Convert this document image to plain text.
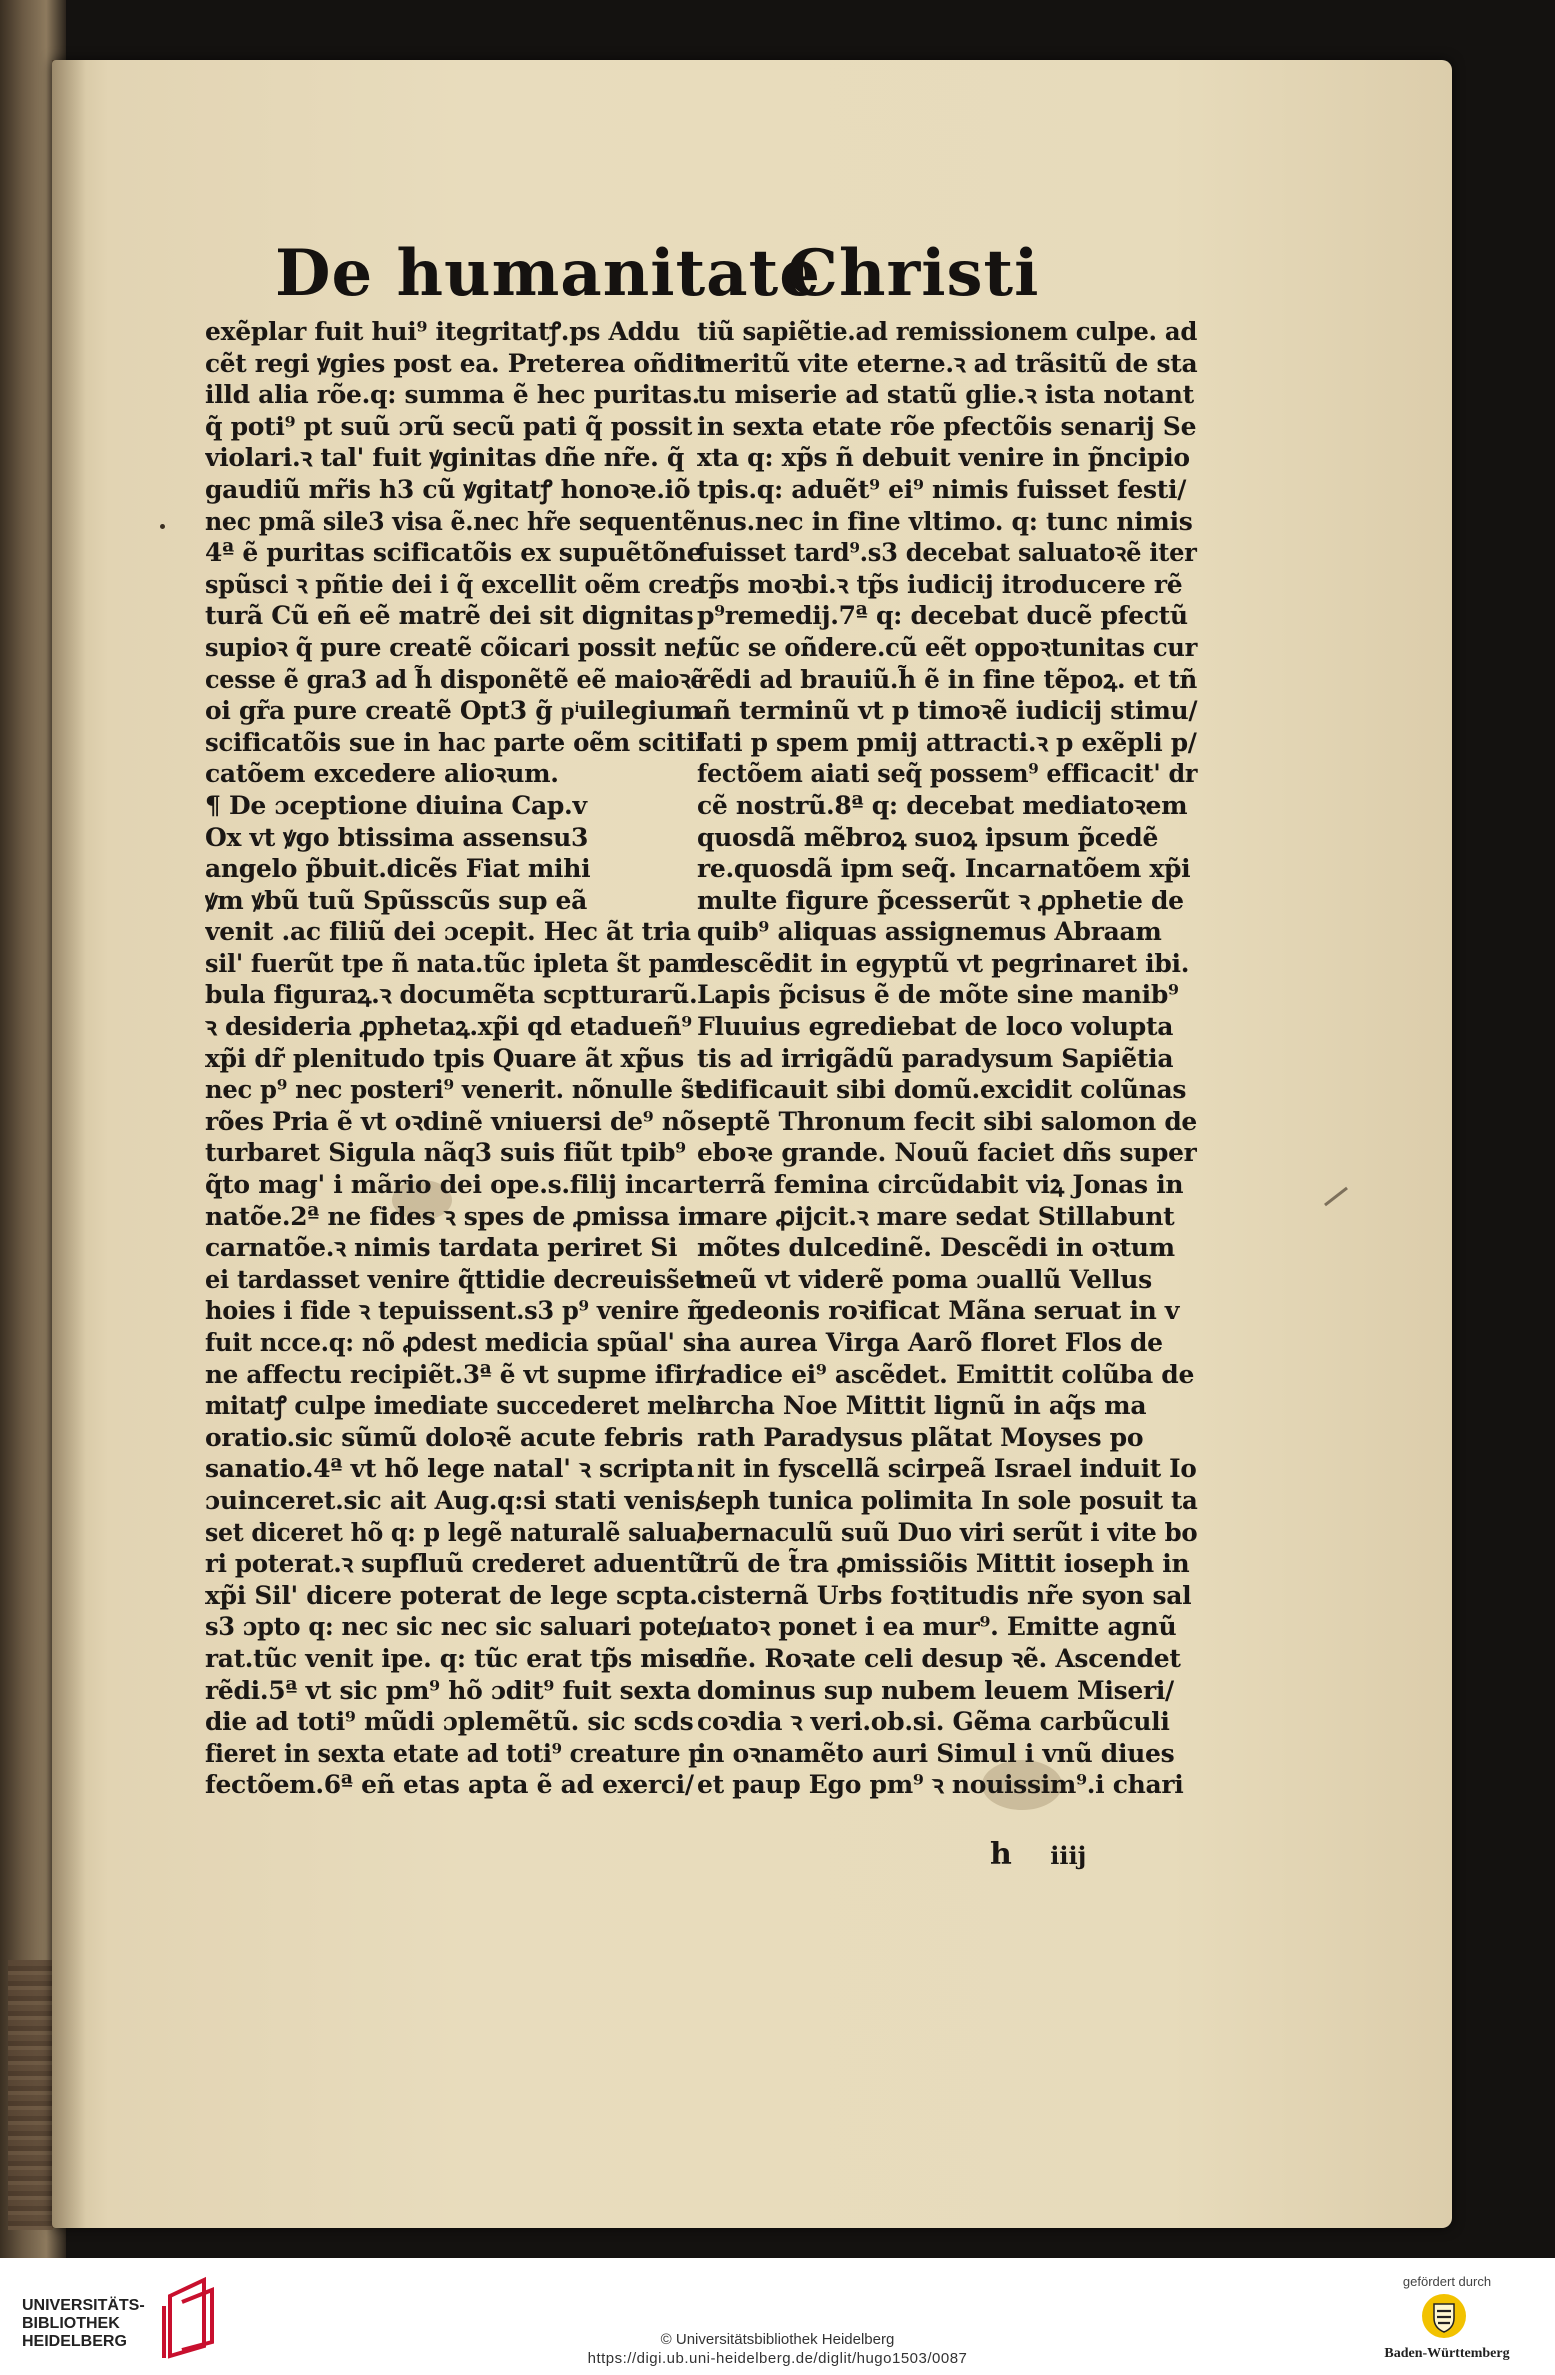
De humanitate
Christi
exẽplar fuit hui⁹ itegritatꝭ.ps Addu
cẽt regi ꝟgies post ea. Preterea oñdit
illd alia rõe.q: summa ẽ hec puritas.
q̃ poti⁹ pt suũ ɔrũ secũ pati q̃ possit
violari.ꝛ tal' fuit ꝟginitas dñe nr̃e. q̃
gaudiũ mr̃is h3 cũ ꝟgitatꝭ honoꝛe.iõ
nec pmã sile3 visa ẽ.nec hr̃e sequentẽ.
4ª ẽ puritas scificatõis ex supuẽtõne
spũsci ꝛ pñtie dei i q̃ excellit oẽm crea
turã Cũ eñ eẽ matrẽ dei sit dignitas
supioꝛ q̃ pure creatẽ cõicari possit ne/
cesse ẽ gra3 ad h̃ disponẽtẽ eẽ maioꝛẽ
oi gr̃a pure creatẽ Opt3 g̃ pͥuilegium
scificatõis sue in hac parte oẽm scitif
catõem excedere alioꝛum.
¶ De ɔceptione diuina Cap.v
Ox vt ꝟgo btissima assensu3
angelo p̃buit.dicẽs Fiat mihi
ꝟm ꝟbũ tuũ Spũsscũs sup eã
venit .ac filiũ dei ɔcepit. Hec ãt tria
sil' fuerũt tpe ñ nata.tũc ipleta s̃t pam
bula figuraꝝ.ꝛ documẽta scptturarũ.
ꝛ desideria ꝓphetaꝝ.xp̃i qd etadueñ⁹
xp̃i dr̃ plenitudo tpis Quare ãt xp̃us
nec p⁹ nec posteri⁹ venerit. nõnulle s̃t
rões Pria ẽ vt oꝛdinẽ vniuersi de⁹ nõ
turbaret Sigula nãq3 suis fiũt tpib⁹
q̃to mag' i mãrio dei ope.s.filij incar
natõe.2ª ne fides ꝛ spes de ꝓmissa in
carnatõe.ꝛ nimis tardata periret Si
ei tardasset venire q̃ttidie decreuiss̃et
hoies i fide ꝛ tepuissent.s3 p⁹ venire ñ
fuit ncce.q: nõ ꝓdest medicia spũal' si
ne affectu recipiẽt.3ª ẽ vt supme ifir/
mitatꝭ culpe imediate succederet meli
oratio.sic sũmũ doloꝛẽ acute febris
sanatio.4ª vt hõ lege natal' ꝛ scripta
ɔuinceret.sic ait Aug.q:si stati venis/
set diceret hõ q: p legẽ naturalẽ salua/
ri poterat.ꝛ supfluũ crederet aduentũ
xp̃i Sil' dicere poterat de lege scpta.
s3 ɔpto q: nec sic nec sic saluari pote/
rat.tũc venit ipe. q: tũc erat tp̃s mise
rẽdi.5ª vt sic pm⁹ hõ ɔdit⁹ fuit sexta
die ad toti⁹ mũdi ɔplemẽtũ. sic scds
fieret in sexta etate ad toti⁹ creature p
fectõem.6ª eñ etas apta ẽ ad exerci/
tiũ sapiẽtie.ad remissionem culpe. ad
meritũ vite eterne.ꝛ ad trãsitũ de sta
tu miserie ad statũ glie.ꝛ ista notant
in sexta etate rõe pfectõis senarij Se
xta q: xp̃s ñ debuit venire in p̃ncipio
tpis.q: aduẽt⁹ ei⁹ nimis fuisset festi/
nus.nec in fine vltimo. q: tunc nimis
fuisset tard⁹.s3 decebat saluatoꝛẽ iter
tp̃s moꝛbi.ꝛ tp̃s iudicij itroducere rẽ
p⁹remedij.7ª q: decebat ducẽ pfectũ
tũc se oñdere.cũ eẽt oppoꝛtunitas cur
rẽdi ad brauiũ.h̃ ẽ in fine tẽpoꝝ. et tñ
añ terminũ vt p timoꝛẽ iudicij stimu/
lati p spem pmij attracti.ꝛ p exẽpli p/
fectõem aiati seq̃ possem⁹ efficacit' dr
cẽ nostrũ.8ª q: decebat mediatoꝛem
quosdã mẽbroꝝ suoꝝ ipsum p̃cedẽ
re.quosdã ipm seq̃. Incarnatõem xp̃i
multe figure p̃cesserũt ꝛ ꝓphetie de
quib⁹ aliquas assignemus Abraam
descẽdit in egyptũ vt pegrinaret ibi.
Lapis p̃cisus ẽ de mõte sine manib⁹
Fluuius egrediebat de loco volupta
tis ad irrigãdũ paradysum Sapiẽtia
edificauit sibi domũ.excidit colũnas
septẽ Thronum fecit sibi salomon de
eboꝛe grande. Nouũ faciet dñs super
terrã femina circũdabit viꝝ Jonas in
mare ꝓijcit.ꝛ mare sedat Stillabunt
mõtes dulcedinẽ. Descẽdi in oꝛtum
meũ vt viderẽ poma ɔuallũ Vellus
gedeonis roꝛificat Mãna seruat in v
na aurea Virga Aarõ floret Flos de
radice ei⁹ ascẽdet. Emittit colũba de
archa Noe Mittit lignũ in aq̃s ma
rath Paradysus plãtat Moyses po
nit in fyscellã scirpeã Israel induit Io
seph tunica polimita In sole posuit ta
bernaculũ suũ Duo viri serũt i vite bo
trũ de t̃ra ꝓmissiõis Mittit ioseph in
cisternã Urbs foꝛtitudis nr̃e syon sal
uatoꝛ ponet i ea mur⁹. Emitte agnũ
dñe. Roꝛate celi desup ꝛẽ. Ascendet
dominus sup nubem leuem Miseri/
coꝛdia ꝛ veri.ob.si. Gẽma carbũculi
in oꝛnamẽto auri Simul i vnũ diues
et paup Ego pm⁹ ꝛ nouissim⁹.i chari
h iiij
UNIVERSITÄTS-
BIBLIOTHEK
HEIDELBERG	© Universitätsbibliothek Heidelberg
https://digi.ub.uni-heidelberg.de/diglit/hugo1503/0087
gefördert durch
Baden-Württemberg
